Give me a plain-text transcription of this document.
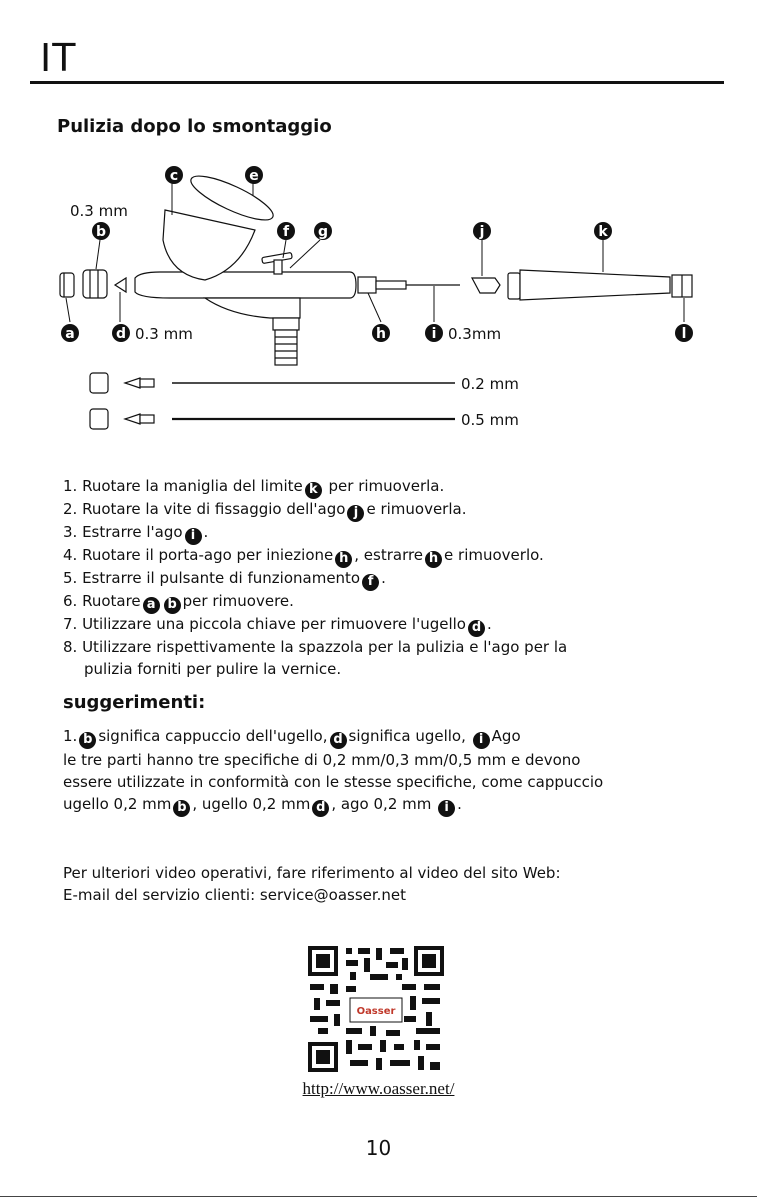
IT
Pulizia dopo lo smontaggio
c	e
b	f g	j	k
a	d	h	i	l
0.3 mm
0.3 mm	0.3mm
0.2 mm
0.5 mm
1. Ruotare la maniglia del limite k per rimuoverla.
2. Ruotare la vite di fissaggio dell'ago j e rimuoverla.
3. Estrarre l'ago i .
4. Ruotare il porta-ago per iniezione h , estrarre h e rimuoverlo.
5. Estrarre il pulsante di funzionamento f .
6. Ruotare a b per rimuovere.
7. Utilizzare una piccola chiave per rimuovere l'ugello d .
8. Utilizzare rispettivamente la spazzola per la pulizia e l'ago per la
pulizia forniti per pulire la vernice.
suggerimenti:
1. b significa cappuccio dell'ugello, d significa ugello, i Ago
le tre parti hanno tre specifiche di 0,2 mm/0,3 mm/0,5 mm e devono
essere utilizzate in conformità con le stesse specifiche, come cappuccio
ugello 0,2 mm b , ugello 0,2 mm d , ago 0,2 mm i .
Per ulteriori video operativi, fare riferimento al video del sito Web:
E-mail del servizio clienti: service@oasser.net
Oasser
http://www.oasser.net/
10
